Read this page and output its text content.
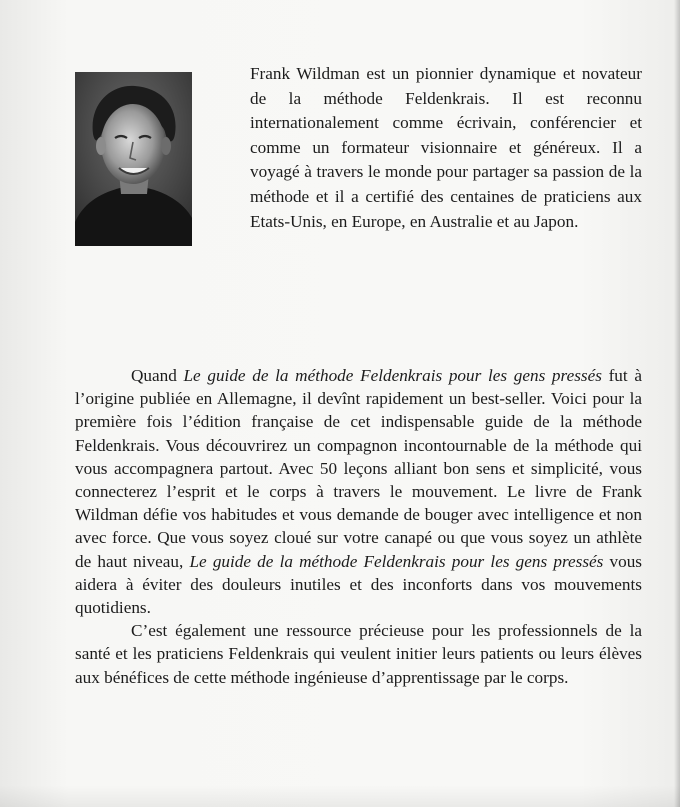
Frank Wildman est un pionnier dynamique et novateur de la méthode Feldenkrais. Il est reconnu internationalement comme écrivain, conférencier et comme un formateur visionnaire et généreux. Il a voyagé à travers le monde pour partager sa passion de la méthode et il a certifié des centaines de praticiens aux Etats-Unis, en Europe, en Australie et au Japon.

Quand Le guide de la méthode Feldenkrais pour les gens pressés fut à l’origine publiée en Allemagne, il devînt rapidement un best-seller. Voici pour la première fois l’édition française de cet indispensable guide de la méthode Feldenkrais. Vous découvrirez un compagnon incontournable de la méthode qui vous accompagnera partout. Avec 50 leçons alliant bon sens et simplicité, vous connecterez l’esprit et le corps à travers le mouvement. Le livre de Frank Wildman défie vos habitudes et vous demande de bouger avec intelligence et non avec force. Que vous soyez cloué sur votre canapé ou que vous soyez un athlète de haut niveau, Le guide de la méthode Feldenkrais pour les gens pressés vous aidera à éviter des douleurs inutiles et des inconforts dans vos mouvements quotidiens.

C’est également une ressource précieuse pour les professionnels de la santé et les praticiens Feldenkrais qui veulent initier leurs patients ou leurs élèves aux bénéfices de cette méthode ingénieuse d’apprentissage par le corps.
